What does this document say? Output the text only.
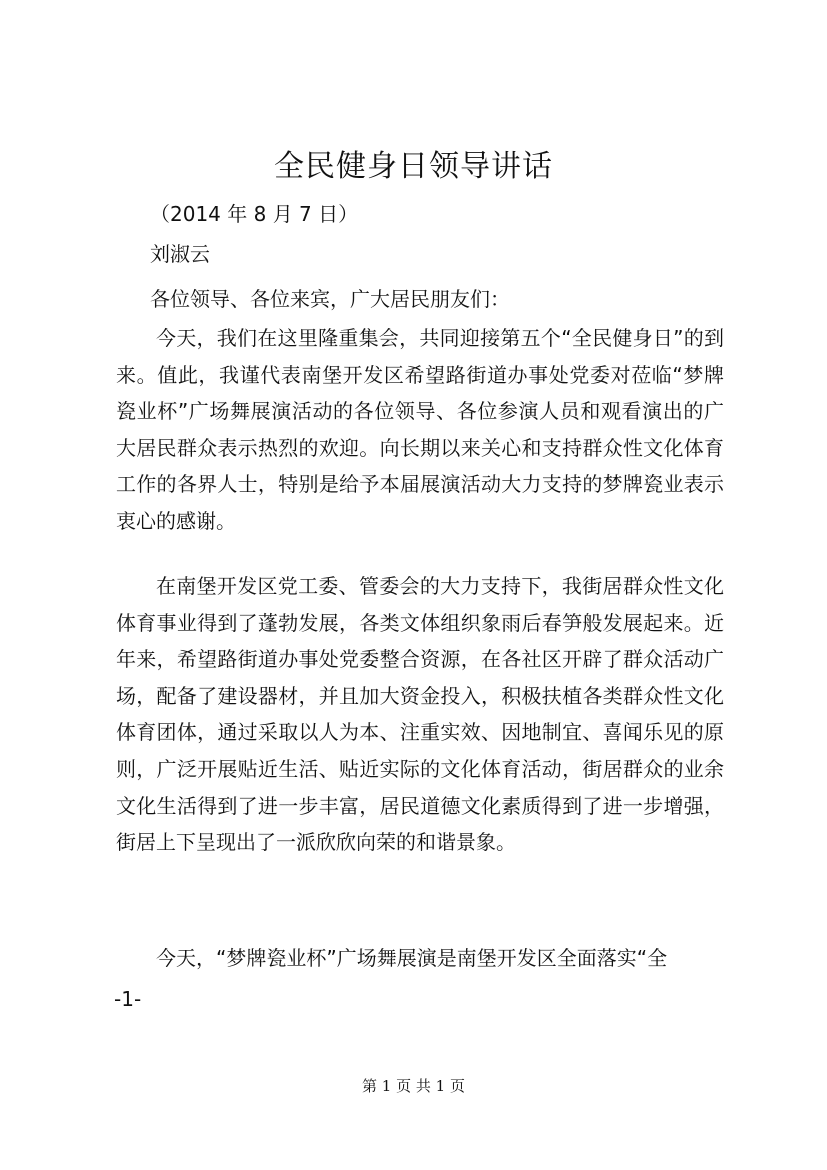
全民健身日领导讲话
（2014 年 8 月 7 日）
刘淑云
各位领导、各位来宾，广大居民朋友们：
今天，我们在这里隆重集会，共同迎接第五个“全民健身日”的到来。值此，我谨代表南堡开发区希望路街道办事处党委对莅临“梦牌瓷业杯”广场舞展演活动的各位领导、各位参演人员和观看演出的广大居民群众表示热烈的欢迎。向长期以来关心和支持群众性文化体育工作的各界人士，特别是给予本届展演活动大力支持的梦牌瓷业表示衷心的感谢。
在南堡开发区党工委、管委会的大力支持下，我街居群众性文化体育事业得到了蓬勃发展，各类文体组织象雨后春笋般发展起来。近年来，希望路街道办事处党委整合资源，在各社区开辟了群众活动广场，配备了建设器材，并且加大资金投入，积极扶植各类群众性文化体育团体，通过采取以人为本、注重实效、因地制宜、喜闻乐见的原则，广泛开展贴近生活、贴近实际的文化体育活动，街居群众的业余文化生活得到了进一步丰富，居民道德文化素质得到了进一步增强，街居上下呈现出了一派欣欣向荣的和谐景象。
今天，“梦牌瓷业杯”广场舞展演是南堡开发区全面落实“全
-1-
第 1 页 共 1 页
